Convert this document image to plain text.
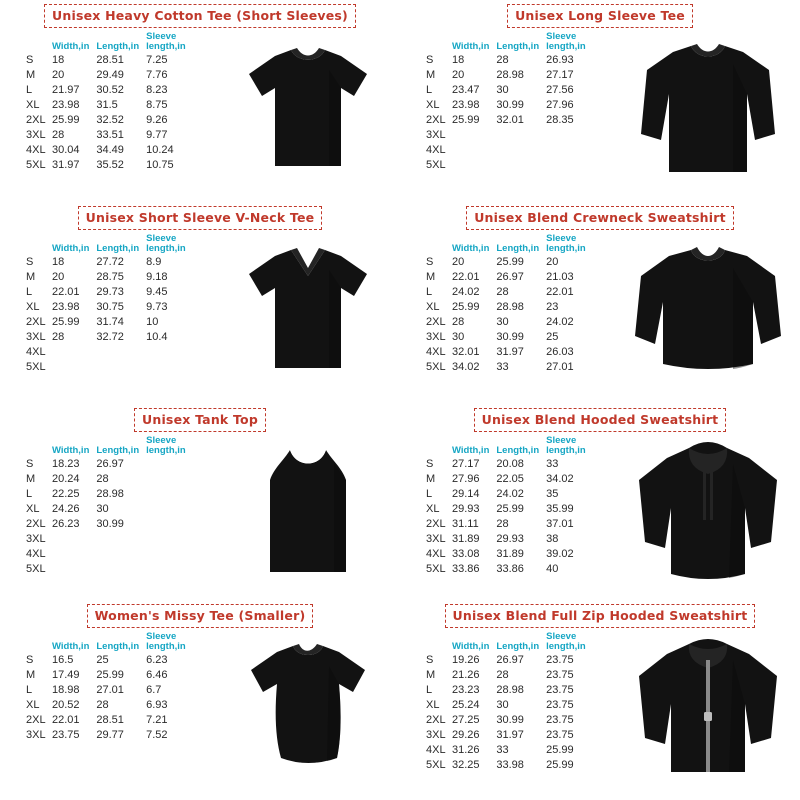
Unisex Heavy Cotton Tee (Short Sleeves)
	Width,in	Length,in	Sleeve length,in
S	18	28.51	7.25
M	20	29.49	7.76
L	21.97	30.52	8.23
XL	23.98	31.5	8.75
2XL	25.99	32.52	9.26
3XL	28	33.51	9.77
4XL	30.04	34.49	10.24
5XL	31.97	35.52	10.75
Unisex Long Sleeve Tee
	Width,in	Length,in	Sleeve length,in
S	18	28	26.93
M	20	28.98	27.17
L	23.47	30	27.56
XL	23.98	30.99	27.96
2XL	25.99	32.01	28.35
3XL			
4XL			
5XL			
Unisex Short Sleeve V-Neck Tee
	Width,in	Length,in	Sleeve length,in
S	18	27.72	8.9
M	20	28.75	9.18
L	22.01	29.73	9.45
XL	23.98	30.75	9.73
2XL	25.99	31.74	10
3XL	28	32.72	10.4
4XL			
5XL			
Unisex Blend Crewneck Sweatshirt
	Width,in	Length,in	Sleeve length,in
S	20	25.99	20
M	22.01	26.97	21.03
L	24.02	28	22.01
XL	25.99	28.98	23
2XL	28	30	24.02
3XL	30	30.99	25
4XL	32.01	31.97	26.03
5XL	34.02	33	27.01
Unisex Tank Top
	Width,in	Length,in	Sleeve length,in
S	18.23	26.97	
M	20.24	28	
L	22.25	28.98	
XL	24.26	30	
2XL	26.23	30.99	
3XL			
4XL			
5XL			
Unisex Blend Hooded Sweatshirt
	Width,in	Length,in	Sleeve length,in
S	27.17	20.08	33
M	27.96	22.05	34.02
L	29.14	24.02	35
XL	29.93	25.99	35.99
2XL	31.11	28	37.01
3XL	31.89	29.93	38
4XL	33.08	31.89	39.02
5XL	33.86	33.86	40
Women's Missy Tee (Smaller)
	Width,in	Length,in	Sleeve length,in
S	16.5	25	6.23
M	17.49	25.99	6.46
L	18.98	27.01	6.7
XL	20.52	28	6.93
2XL	22.01	28.51	7.21
3XL	23.75	29.77	7.52
Unisex Blend Full Zip Hooded Sweatshirt
	Width,in	Length,in	Sleeve length,in
S	19.26	26.97	23.75
M	21.26	28	23.75
L	23.23	28.98	23.75
XL	25.24	30	23.75
2XL	27.25	30.99	23.75
3XL	29.26	31.97	23.75
4XL	31.26	33	25.99
5XL	32.25	33.98	25.99
